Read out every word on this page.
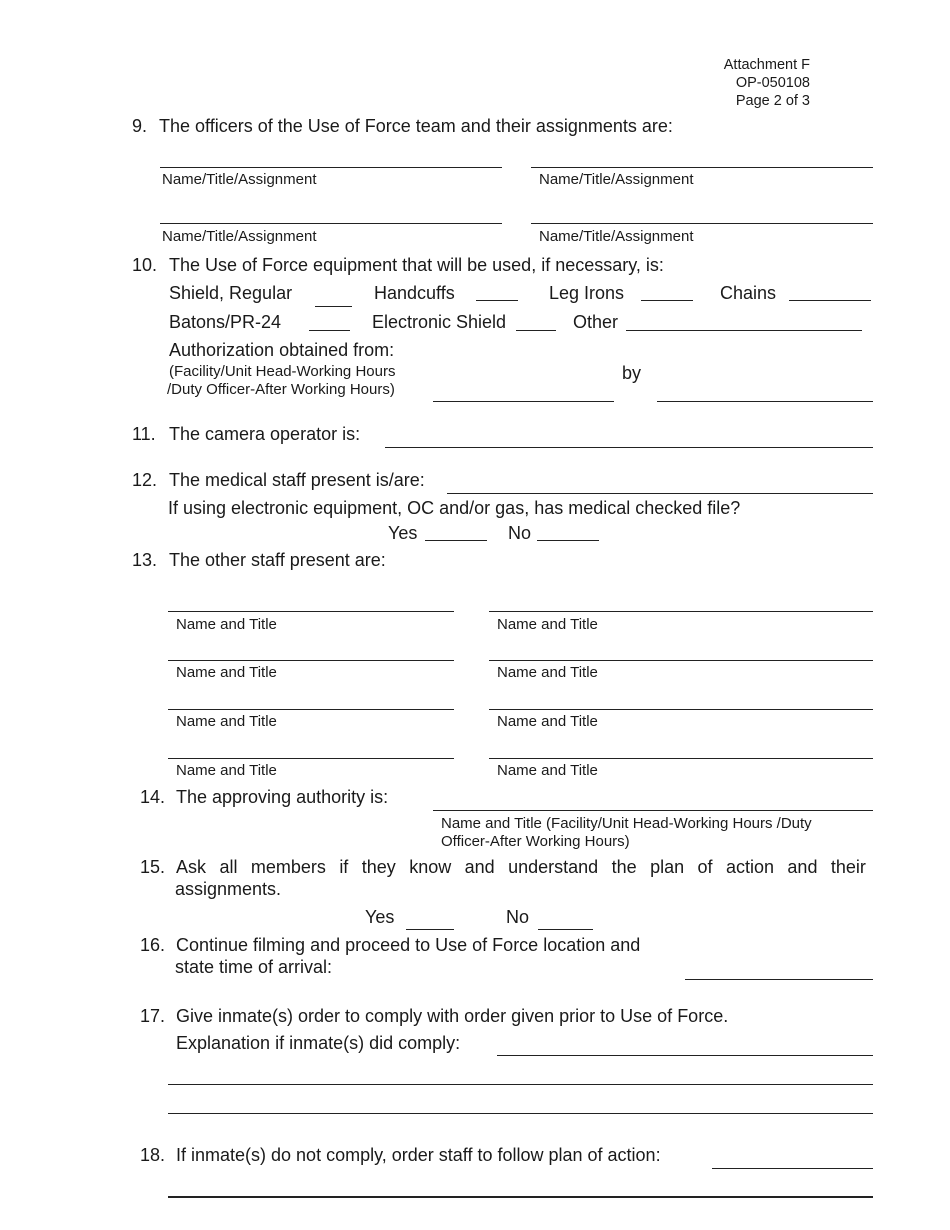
Attachment F
OP-050108
Page 2 of 3
9. The officers of the Use of Force team and their assignments are:
Name/Title/Assignment	Name/Title/Assignment
Name/Title/Assignment	Name/Title/Assignment
10. The Use of Force equipment that will be used, if necessary, is:
Shield, Regular	Handcuffs	Leg Irons	Chains
Batons/PR-24	Electronic Shield	Other
Authorization obtained from:
(Facility/Unit Head-Working Hours
/Duty Officer-After Working Hours)
by
11. The camera operator is:
12. The medical staff present is/are:
If using electronic equipment, OC and/or gas, has medical checked file?
Yes	No
13. The other staff present are:
Name and Title	Name and Title
Name and Title	Name and Title
Name and Title	Name and Title
Name and Title	Name and Title
14. The approving authority is:
Name and Title (Facility/Unit Head-Working Hours /Duty
Officer-After Working Hours)
15. Ask all members if they know and understand the plan of action and their
assignments.
Yes	No
16. Continue filming and proceed to Use of Force location and
state time of arrival:
17. Give inmate(s) order to comply with order given prior to Use of Force.
Explanation if inmate(s) did comply:
18. If inmate(s) do not comply, order staff to follow plan of action:
